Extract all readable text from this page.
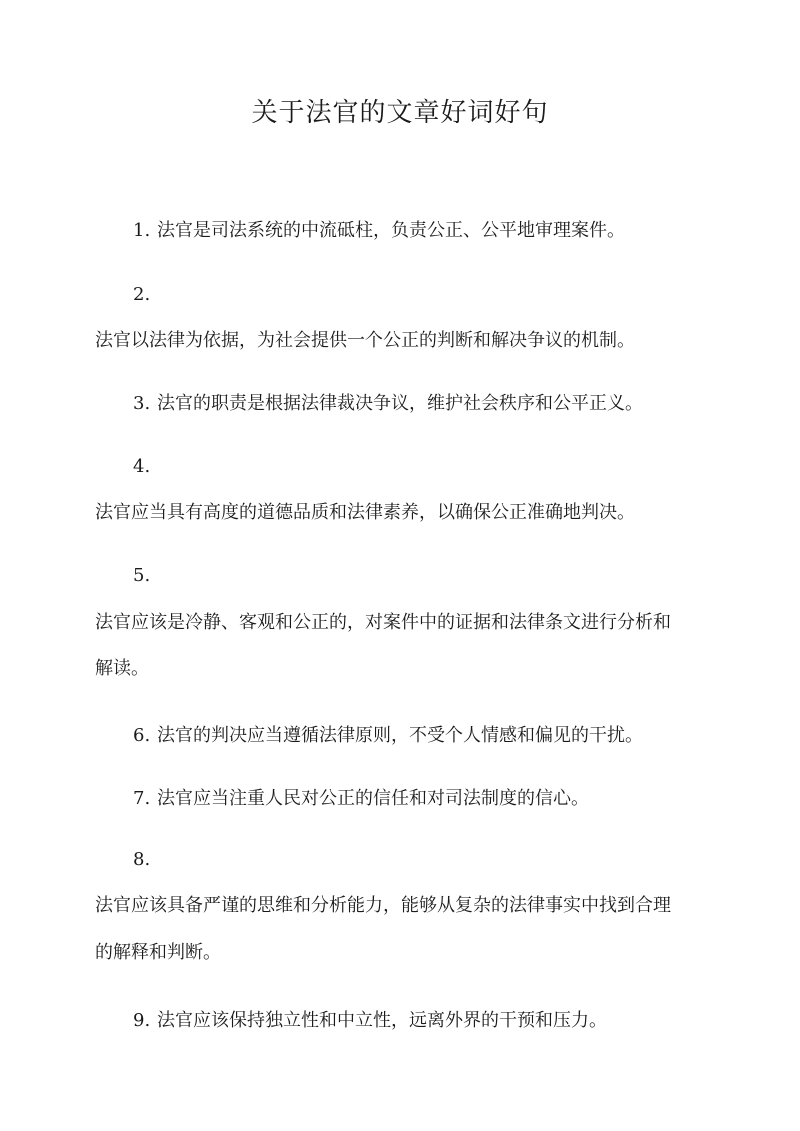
关于法官的文章好词好句

1. 法官是司法系统的中流砥柱，负责公正、公平地审理案件。

2.

法官以法律为依据，为社会提供一个公正的判断和解决争议的机制。

3. 法官的职责是根据法律裁决争议，维护社会秩序和公平正义。

4.

法官应当具有高度的道德品质和法律素养，以确保公正准确地判决。

5.

法官应该是冷静、客观和公正的，对案件中的证据和法律条文进行分析和

解读。

6. 法官的判决应当遵循法律原则，不受个人情感和偏见的干扰。

7. 法官应当注重人民对公正的信任和对司法制度的信心。

8.

法官应该具备严谨的思维和分析能力，能够从复杂的法律事实中找到合理

的解释和判断。

9. 法官应该保持独立性和中立性，远离外界的干预和压力。
